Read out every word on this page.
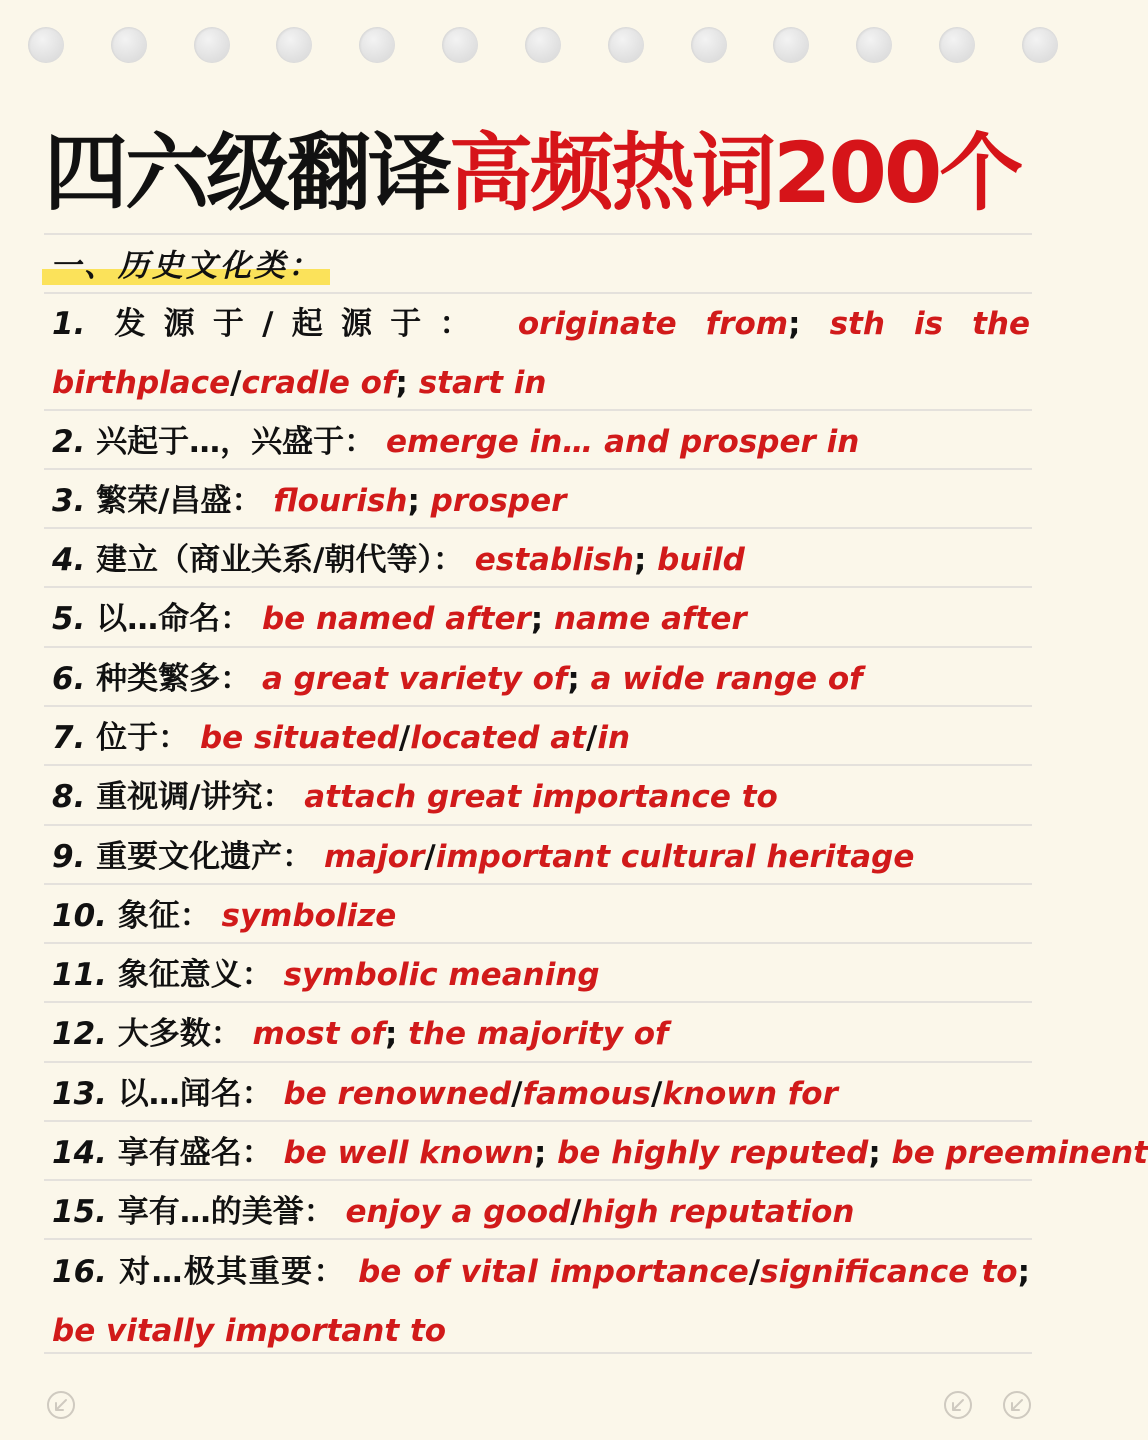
四六级翻译高频热词200个
一、历史文化类：
1. 发源于/起源于： originate from; sth is the birthplace/cradle of; start in
2. 兴起于…，兴盛于： emerge in… and prosper in
3. 繁荣/昌盛： flourish; prosper
4. 建立（商业关系/朝代等）： establish; build
5. 以…命名： be named after; name after
6. 种类繁多： a great variety of; a wide range of
7. 位于： be situated/located at/in
8. 重视调/讲究： attach great importance to
9. 重要文化遗产： major/important cultural heritage
10. 象征： symbolize
11. 象征意义： symbolic meaning
12. 大多数： most of; the majority of
13. 以…闻名： be renowned/famous/known for
14. 享有盛名： be well known; be highly reputed; be preeminent
15. 享有…的美誉： enjoy a good/high reputation
16. 对…极其重要： be of vital importance/significance to; be vitally important to
